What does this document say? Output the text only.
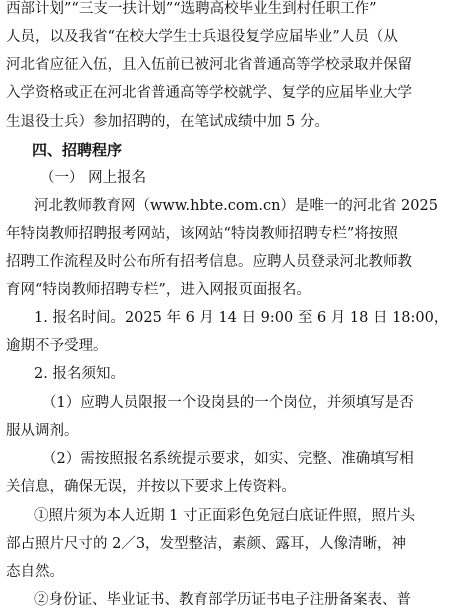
西部计划”“三支一扶计划”“选聘高校毕业生到村任职工作”
人员，以及我省“在校大学生士兵退役复学应届毕业”人员（从
河北省应征入伍，且入伍前已被河北省普通高等学校录取并保留
入学资格或正在河北省普通高等学校就学、复学的应届毕业大学
生退役士兵）参加招聘的，在笔试成绩中加 5 分。
四、招聘程序
（一） 网上报名
河北教师教育网（www.hbte.com.cn）是唯一的河北省 2025
年特岗教师招聘报考网站，该网站“特岗教师招聘专栏”将按照
招聘工作流程及时公布所有招考信息。应聘人员登录河北教师教
育网“特岗教师招聘专栏”，进入网报页面报名。
1. 报名时间。2025 年 6 月 14 日 9:00 至 6 月 18 日 18:00，
逾期不予受理。
2. 报名须知。
（1）应聘人员限报一个设岗县的一个岗位，并须填写是否
服从调剂。
（2）需按照报名系统提示要求，如实、完整、准确填写相
关信息，确保无误，并按以下要求上传资料。
①照片须为本人近期 1 寸正面彩色免冠白底证件照，照片头
部占照片尺寸的 2／3，发型整洁，素颜、露耳，人像清晰，神
态自然。
②身份证、毕业证书、教育部学历证书电子注册备案表、普
